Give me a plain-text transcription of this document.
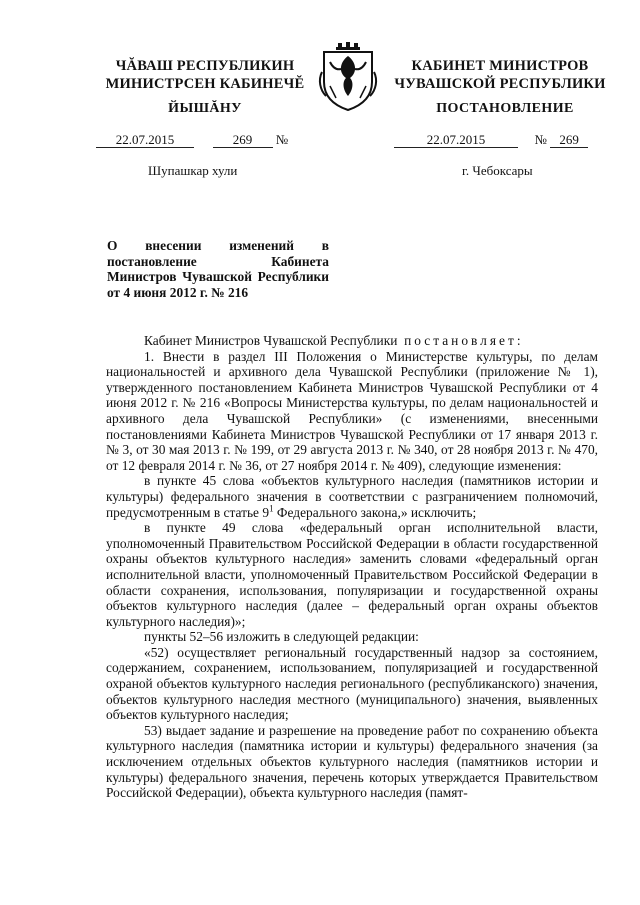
ЧĂВАШ РЕСПУБЛИКИН
МИНИСТРСЕН КАБИНЕЧĔ
ЙЫШĂНУ
КАБИНЕТ МИНИСТРОВ
ЧУВАШСКОЙ РЕСПУБЛИКИ
ПОСТАНОВЛЕНИЕ
22.07.2015	269 №	22.07.2015	№ 269
Шупашкар хули	г. Чебоксары
О внесении изменений в постановление Кабинета Министров Чувашской Республики от 4 июня 2012 г. № 216

Кабинет Министров Чувашской Республики постановляет:

1. Внести в раздел III Положения о Министерстве культуры, по делам национальностей и архивного дела Чувашской Республики (приложение № 1), утвержденного постановлением Кабинета Министров Чувашской Республики от 4 июня 2012 г. № 216 «Вопросы Министерства культуры, по делам национальностей и архивного дела Чувашской Республики» (с изменениями, внесенными постановлениями Кабинета Министров Чувашской Республики от 17 января 2013 г. № 3, от 30 мая 2013 г. № 199, от 29 августа 2013 г. № 340, от 28 ноября 2013 г. № 470, от 12 февраля 2014 г. № 36, от 27 ноября 2014 г. № 409), следующие изменения:

в пункте 45 слова «объектов культурного наследия (памятников истории и культуры) федерального значения в соответствии с разграничением полномочий, предусмотренным в статье $9^1$ Федерального закона,» исключить;

в пункте 49 слова «федеральный орган исполнительной власти, уполномоченный Правительством Российской Федерации в области государственной охраны объектов культурного наследия» заменить словами «федеральный орган исполнительной власти, уполномоченный Правительством Российской Федерации в области сохранения, использования, популяризации и государственной охраны объектов культурного наследия (далее – федеральный орган охраны объектов культурного наследия)»;

пункты 52–56 изложить в следующей редакции:

«52) осуществляет региональный государственный надзор за состоянием, содержанием, сохранением, использованием, популяризацией и государственной охраной объектов культурного наследия регионального (республиканского) значения, объектов культурного наследия местного (муниципального) значения, выявленных объектов культурного наследия;

53) выдает задание и разрешение на проведение работ по сохранению объекта культурного наследия (памятника истории и культуры) федерального значения (за исключением отдельных объектов культурного наследия (памятников истории и культуры) федерального значения, перечень которых утверждается Правительством Российской Федерации), объекта культурного наследия (памят-
